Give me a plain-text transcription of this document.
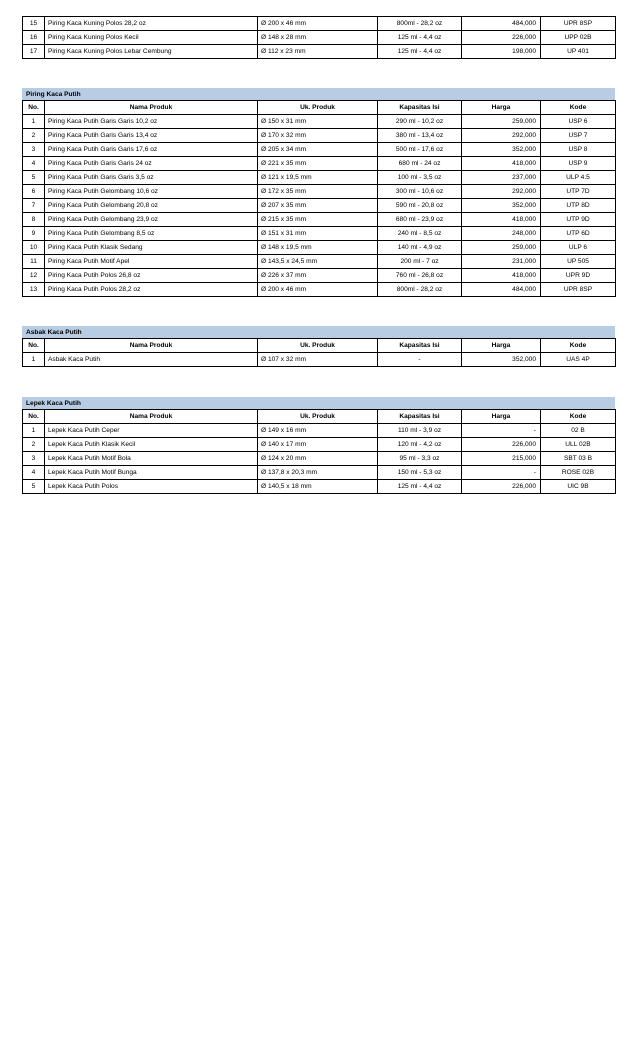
15	Piring Kaca Kuning Polos 28,2 oz	Ø 200 x 46 mm	800ml - 28,2 oz	484,000	UPR 8SP
16	Piring Kaca Kuning Polos Kecil	Ø 148 x 28 mm	125 ml - 4,4 oz	226,000	UPP 02B
17	Piring Kaca Kuning Polos Lebar Cembung	Ø 112 x 23 mm	125 ml - 4,4 oz	198,000	UP 401
Piring Kaca Putih
No.	Nama Produk	Uk. Produk	Kapasitas Isi	Harga	Kode
1	Piring Kaca Putih Garis Garis 10,2 oz	Ø 150 x 31 mm	290 ml - 10,2 oz	259,000	USP 6
2	Piring Kaca Putih Garis Garis 13,4 oz	Ø 170 x 32 mm	380 ml - 13,4 oz	292,000	USP 7
3	Piring Kaca Putih Garis Garis 17,6 oz	Ø 205 x 34 mm	500 ml - 17,6 oz	352,000	USP 8
4	Piring Kaca Putih Garis Garis 24 oz	Ø 221 x 35 mm	680 ml - 24 oz	418,000	USP 9
5	Piring Kaca Putih Garis Garis 3,5 oz	Ø 121 x 19,5 mm	100 ml - 3,5 oz	237,000	ULP 4.5
6	Piring Kaca Putih Gelombang 10,6 oz	Ø 172 x 35 mm	300 ml - 10,6 oz	292,000	UTP 7D
7	Piring Kaca Putih Gelombang 20,8 oz	Ø 207 x 35 mm	590 ml - 20,8 oz	352,000	UTP 8D
8	Piring Kaca Putih Gelombang 23,9 oz	Ø 215 x 35 mm	680 ml - 23,9 oz	418,000	UTP 9D
9	Piring Kaca Putih Gelombang 8,5 oz	Ø 151 x 31 mm	240 ml - 8,5 oz	248,000	UTP 6D
10	Piring Kaca Putih Klasik Sedang	Ø 148 x 19,5 mm	140 ml - 4,9 oz	259,000	ULP 6
11	Piring Kaca Putih Motif Apel	Ø 143,5 x 24,5 mm	200 ml - 7 oz	231,000	UP 505
12	Piring Kaca Putih Polos 26,8 oz	Ø 226 x 37 mm	760 ml - 26,8 oz	418,000	UPR 9D
13	Piring Kaca Putih Polos 28,2 oz	Ø 200 x 46 mm	800ml - 28,2 oz	484,000	UPR 8SP
Asbak Kaca Putih
No.	Nama Produk	Uk. Produk	Kapasitas Isi	Harga	Kode
1	Asbak Kaca Putih	Ø 107 x 32 mm	-	352,000	UAS 4P
Lepek Kaca Putih
No.	Nama Produk	Uk. Produk	Kapasitas Isi	Harga	Kode
1	Lepek Kaca Putih Ceper	Ø 149 x 16 mm	110 ml - 3,9 oz	-	02 B
2	Lepek Kaca Putih Klasik Kecil	Ø 140 x 17 mm	120 ml - 4,2 oz	226,000	ULL 02B
3	Lepek Kaca Putih Motif Bola	Ø 124 x 20 mm	95 ml - 3,3 oz	215,000	SBT 03 B
4	Lepek Kaca Putih Motif Bunga	Ø 137,8 x 20,3 mm	150 ml - 5,3 oz	-	ROSE 02B
5	Lepek Kaca Putih Polos	Ø 140,5 x 18 mm	125 ml - 4,4 oz	226,000	UIC 9B
